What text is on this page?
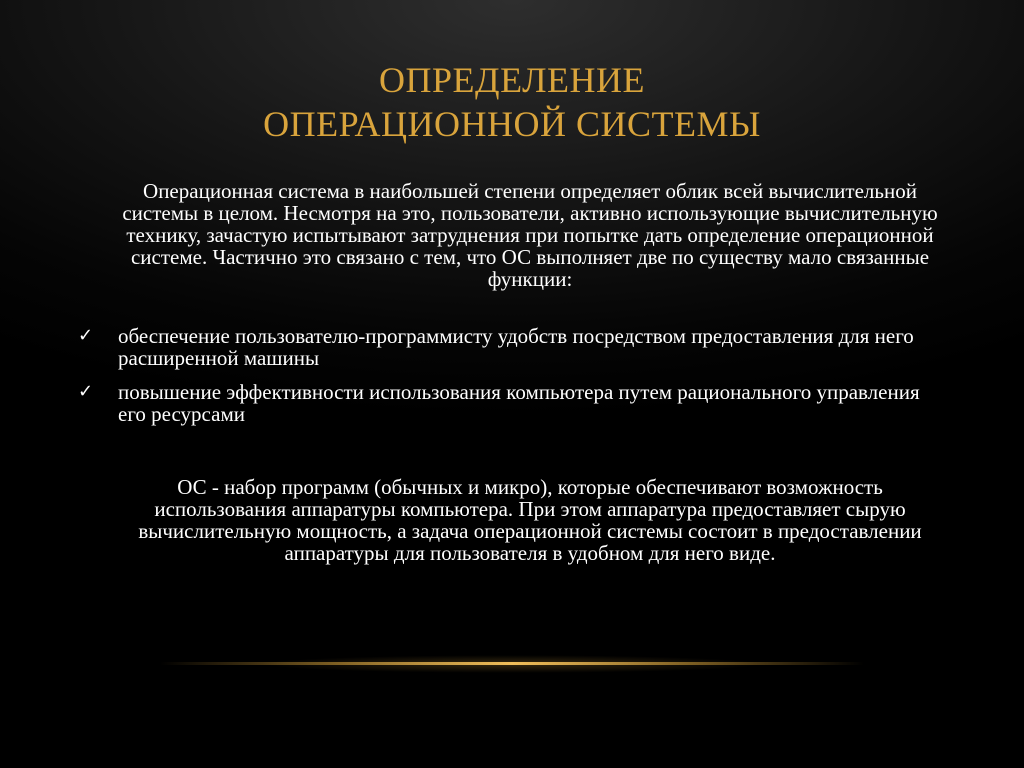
ОПРЕДЕЛЕНИЕ
ОПЕРАЦИОННОЙ СИСТЕМЫ
Операционная система в наибольшей степени определяет облик всей вычислительной системы в целом. Несмотря на это, пользователи, активно использующие вычислительную технику, зачастую испытывают затруднения при попытке дать определение операционной системе. Частично это связано с тем, что ОС выполняет две по существу мало связанные функции:
✓ обеспечение пользователю-программисту удобств посредством предоставления для него расширенной машины
✓ повышение эффективности использования компьютера путем рационального управления его ресурсами
ОС - набор программ (обычных и микро), которые обеспечивают возможность использования аппаратуры компьютера. При этом аппаратура предоставляет сырую вычислительную мощность, а задача операционной системы состоит в предоставлении аппаратуры для пользователя в удобном для него виде.
